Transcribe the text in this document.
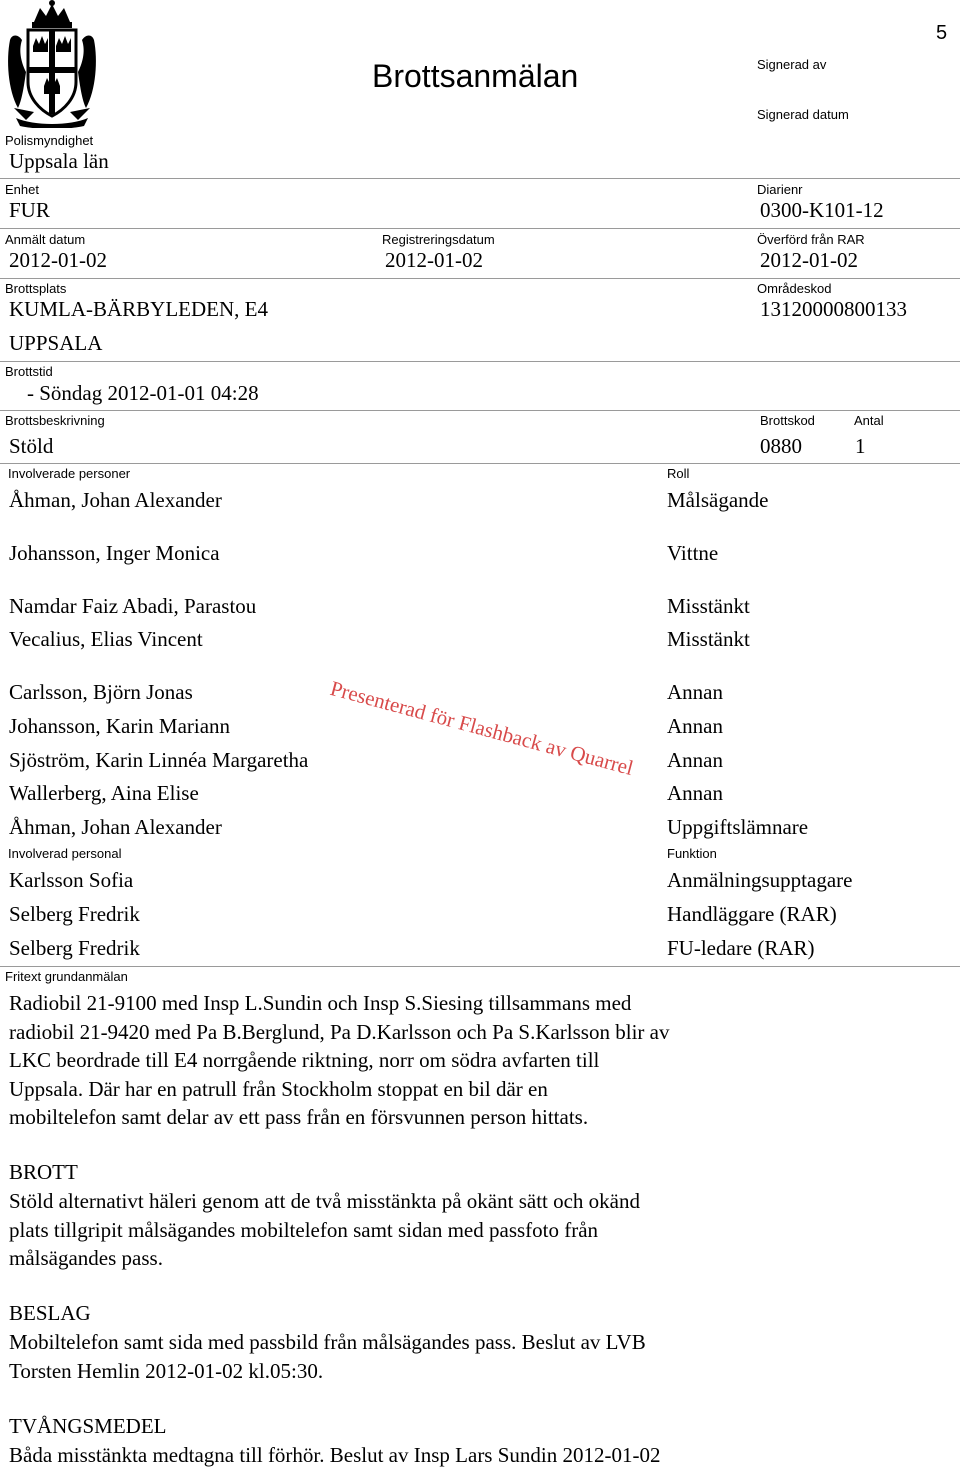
5
Brottsanmälan	Signerad av
Signerad datum
Polismyndighet
Uppsala län
Enhet
FUR
Diarienr
0300-K101-12
Anmält datum
2012-01-02
Registreringsdatum
2012-01-02
Överförd från RAR
2012-01-02
Brottsplats
KUMLA-BÄRBYLEDEN, E4
UPPSALA
Områdeskod
13120000800133
Brottstid
- Söndag 2012-01-01 04:28
Brottsbeskrivning
Stöld
Brottskod
0880
Antal
1
Involverade personer	Roll
Åhman, Johan Alexander	Målsägande
Johansson, Inger Monica	Vittne
Namdar Faiz Abadi, Parastou	Misstänkt
Vecalius, Elias Vincent	Misstänkt
Carlsson, Björn Jonas	Annan
Johansson, Karin Mariann	Annan
Sjöström, Karin Linnéa Margaretha	Annan
Wallerberg, Aina Elise	Annan
Åhman, Johan Alexander	Uppgiftslämnare
Presenterad för Flashback av Quarrel
Involverad personal	Funktion
Karlsson Sofia	Anmälningsupptagare
Selberg Fredrik	Handläggare (RAR)
Selberg Fredrik	FU-ledare (RAR)
Fritext grundanmälan
Radiobil 21-9100 med Insp L.Sundin och Insp S.Siesing tillsammans med
radiobil 21-9420 med Pa B.Berglund, Pa D.Karlsson och Pa S.Karlsson blir av
LKC beordrade till E4 norrgående riktning, norr om södra avfarten till
Uppsala. Där har en patrull från Stockholm stoppat en bil där en
mobiltelefon samt delar av ett pass från en försvunnen person hittats.
BROTT
Stöld alternativt häleri genom att de två misstänkta på okänt sätt och okänd
plats tillgripit målsägandes mobiltelefon samt sidan med passfoto från
målsägandes pass.
BESLAG
Mobiltelefon samt sida med passbild från målsägandes pass. Beslut av LVB
Torsten Hemlin 2012-01-02 kl.05:30.
TVÅNGSMEDEL
Båda misstänkta medtagna till förhör. Beslut av Insp Lars Sundin 2012-01-02
